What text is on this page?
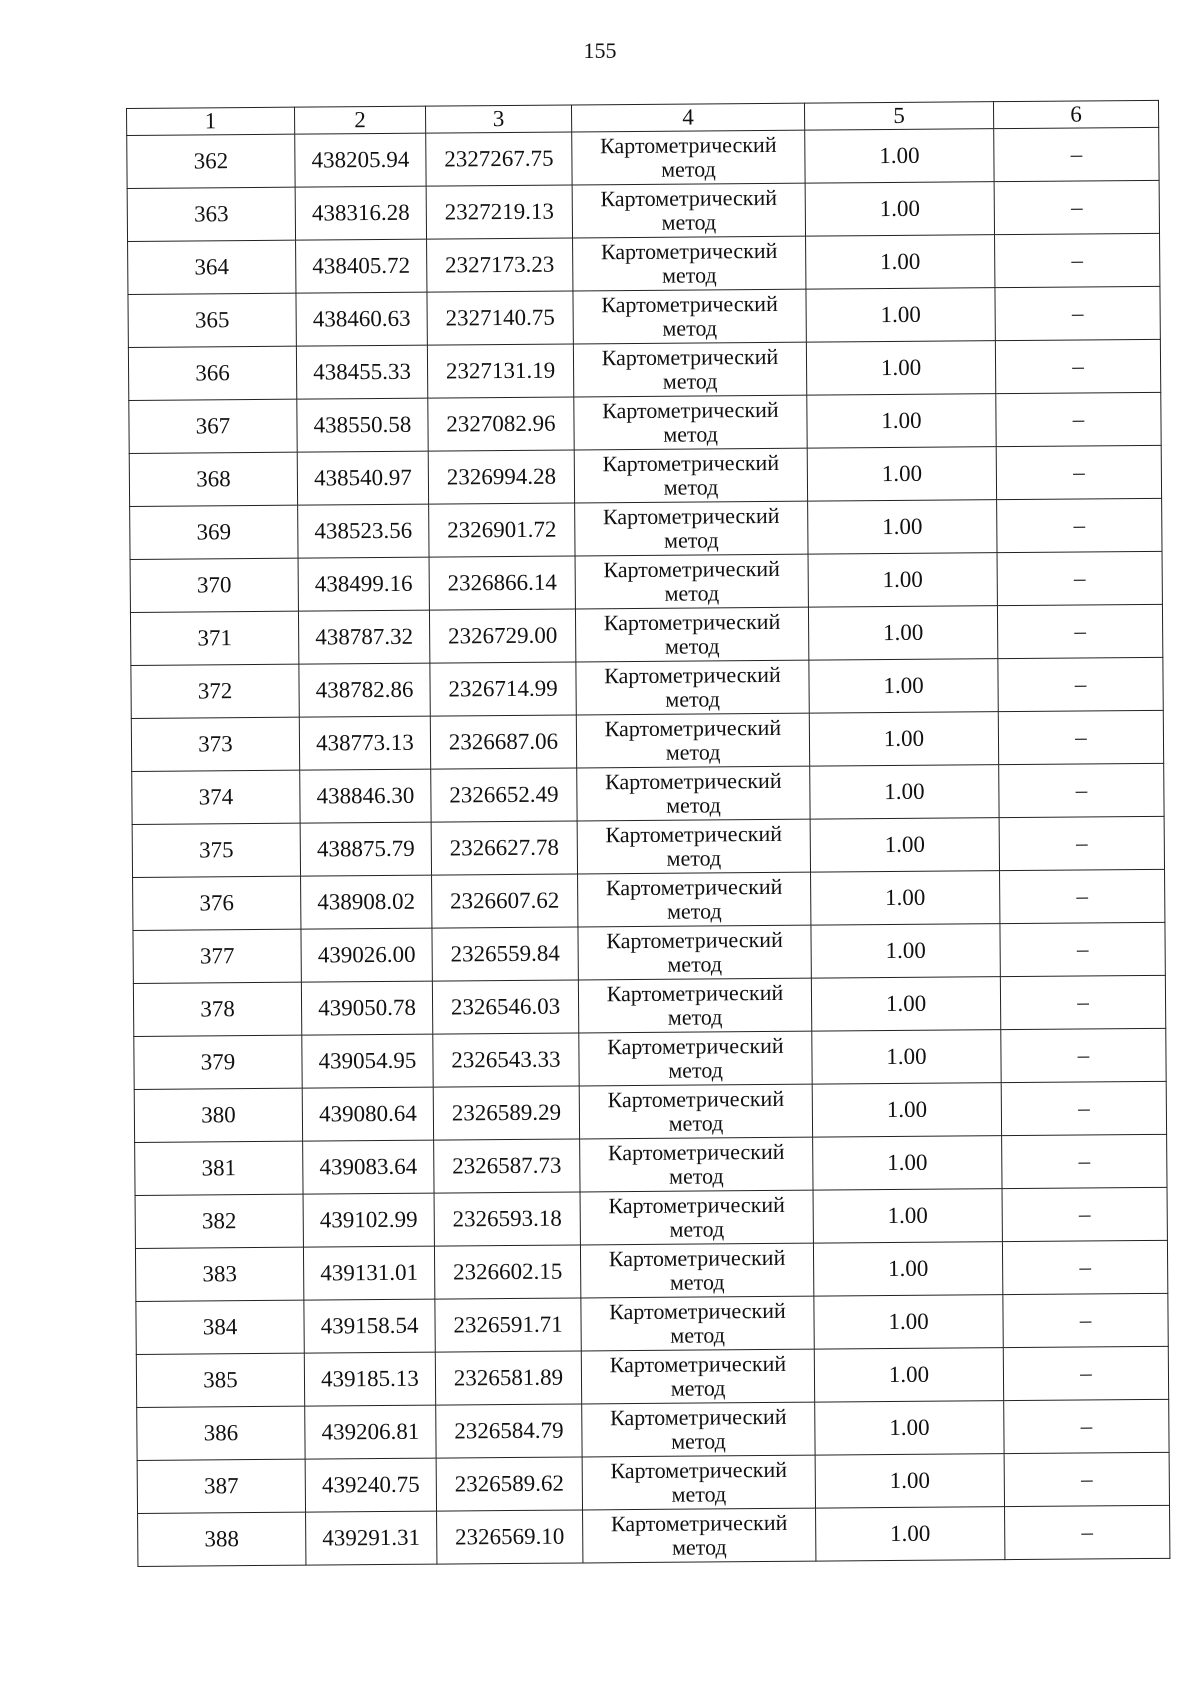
155
1	2	3	4	5	6
362	438205.94	2327267.75	Картометрический
метод	1.00	–
363	438316.28	2327219.13	Картометрический
метод	1.00	–
364	438405.72	2327173.23	Картометрический
метод	1.00	–
365	438460.63	2327140.75	Картометрический
метод	1.00	–
366	438455.33	2327131.19	Картометрический
метод	1.00	–
367	438550.58	2327082.96	Картометрический
метод	1.00	–
368	438540.97	2326994.28	Картометрический
метод	1.00	–
369	438523.56	2326901.72	Картометрический
метод	1.00	–
370	438499.16	2326866.14	Картометрический
метод	1.00	–
371	438787.32	2326729.00	Картометрический
метод	1.00	–
372	438782.86	2326714.99	Картометрический
метод	1.00	–
373	438773.13	2326687.06	Картометрический
метод	1.00	–
374	438846.30	2326652.49	Картометрический
метод	1.00	–
375	438875.79	2326627.78	Картометрический
метод	1.00	–
376	438908.02	2326607.62	Картометрический
метод	1.00	–
377	439026.00	2326559.84	Картометрический
метод	1.00	–
378	439050.78	2326546.03	Картометрический
метод	1.00	–
379	439054.95	2326543.33	Картометрический
метод	1.00	–
380	439080.64	2326589.29	Картометрический
метод	1.00	–
381	439083.64	2326587.73	Картометрический
метод	1.00	–
382	439102.99	2326593.18	Картометрический
метод	1.00	–
383	439131.01	2326602.15	Картометрический
метод	1.00	–
384	439158.54	2326591.71	Картометрический
метод	1.00	–
385	439185.13	2326581.89	Картометрический
метод	1.00	–
386	439206.81	2326584.79	Картометрический
метод	1.00	–
387	439240.75	2326589.62	Картометрический
метод	1.00	–
388	439291.31	2326569.10	Картометрический
метод	1.00	–
